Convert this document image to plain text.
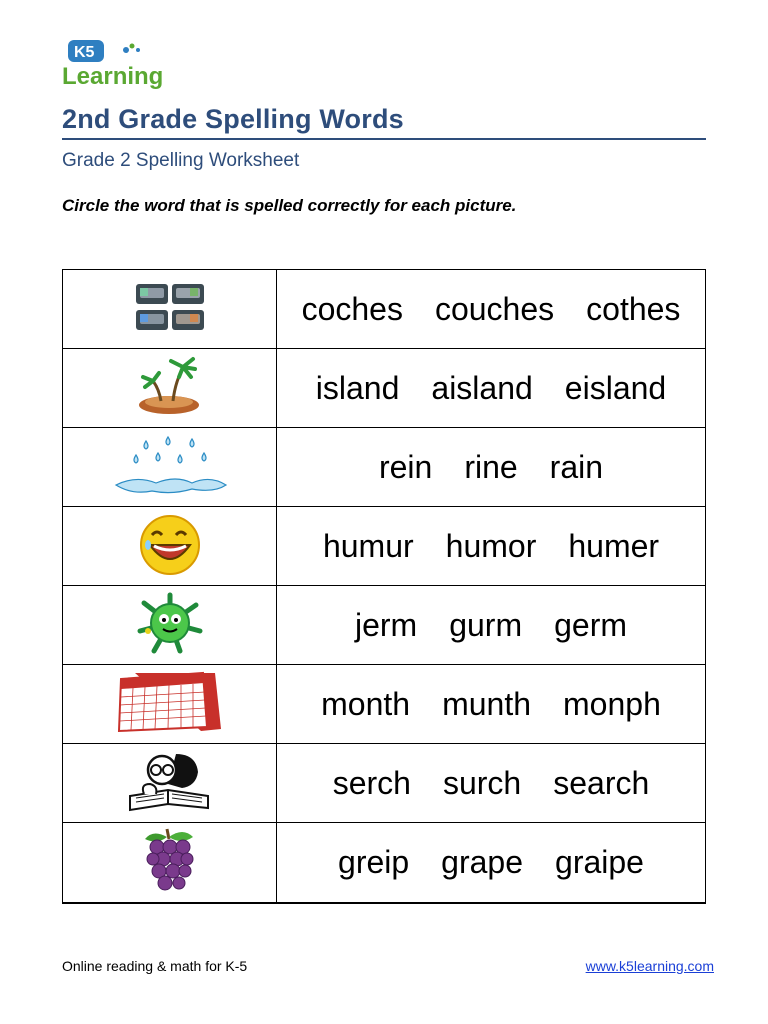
K5
Learning
2nd Grade Spelling Words
Grade 2 Spelling Worksheet
Circle the word that is spelled correctly for each picture.
coches couches cothes
island aisland eisland
rein rine rain
humur humor humer
jerm gurm germ
month munth monph
serch surch search
greip grape graipe
Online reading & math for K-5	www.k5learning.com
